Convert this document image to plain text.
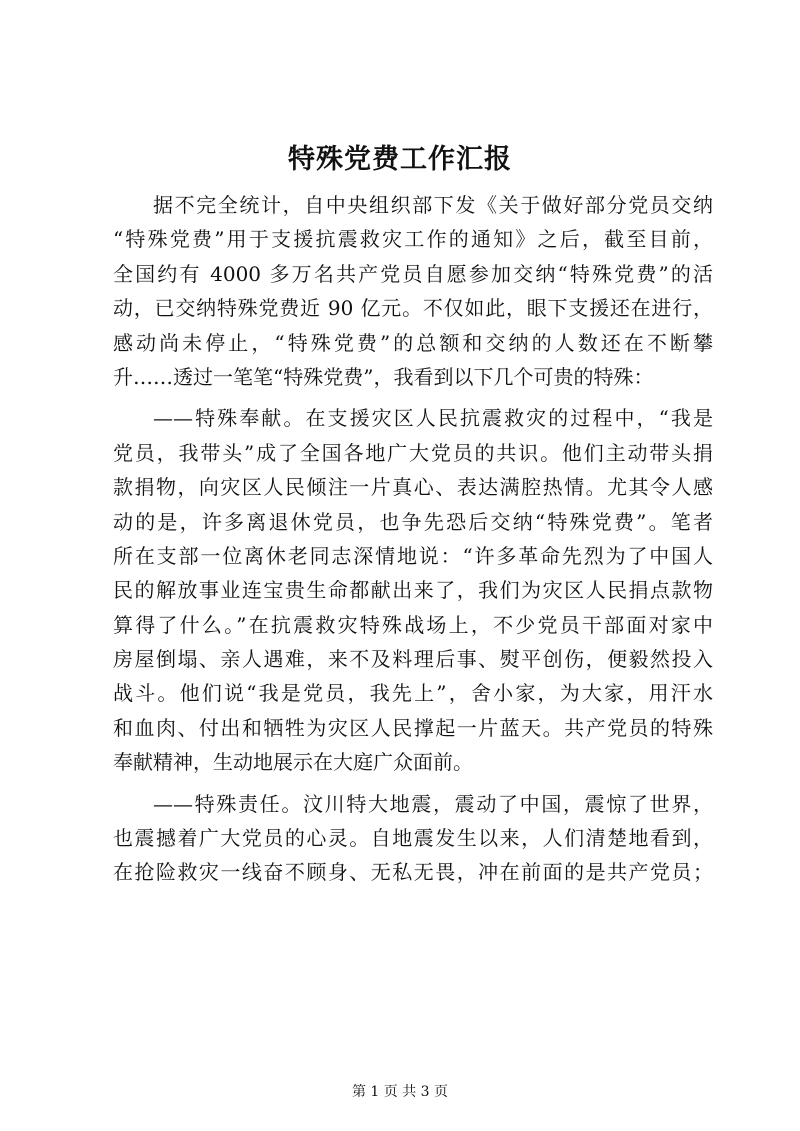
特殊党费工作汇报
据不完全统计，自中央组织部下发《关于做好部分党员交纳
“特殊党费”用于支援抗震救灾工作的通知》之后，截至目前，
全国约有 4000 多万名共产党员自愿参加交纳“特殊党费”的活
动，已交纳特殊党费近 90 亿元。不仅如此，眼下支援还在进行，
感动尚未停止，“特殊党费”的总额和交纳的人数还在不断攀
升……透过一笔笔“特殊党费”，我看到以下几个可贵的特殊：
——特殊奉献。在支援灾区人民抗震救灾的过程中，“我是
党员，我带头”成了全国各地广大党员的共识。他们主动带头捐
款捐物，向灾区人民倾注一片真心、表达满腔热情。尤其令人感
动的是，许多离退休党员，也争先恐后交纳“特殊党费”。笔者
所在支部一位离休老同志深情地说：“许多革命先烈为了中国人
民的解放事业连宝贵生命都献出来了，我们为灾区人民捐点款物
算得了什么。”在抗震救灾特殊战场上，不少党员干部面对家中
房屋倒塌、亲人遇难，来不及料理后事、熨平创伤，便毅然投入
战斗。他们说“我是党员，我先上”，舍小家，为大家，用汗水
和血肉、付出和牺牲为灾区人民撑起一片蓝天。共产党员的特殊
奉献精神，生动地展示在大庭广众面前。
——特殊责任。汶川特大地震，震动了中国，震惊了世界，
也震撼着广大党员的心灵。自地震发生以来，人们清楚地看到，
在抢险救灾一线奋不顾身、无私无畏，冲在前面的是共产党员；
第 1 页 共 3 页
